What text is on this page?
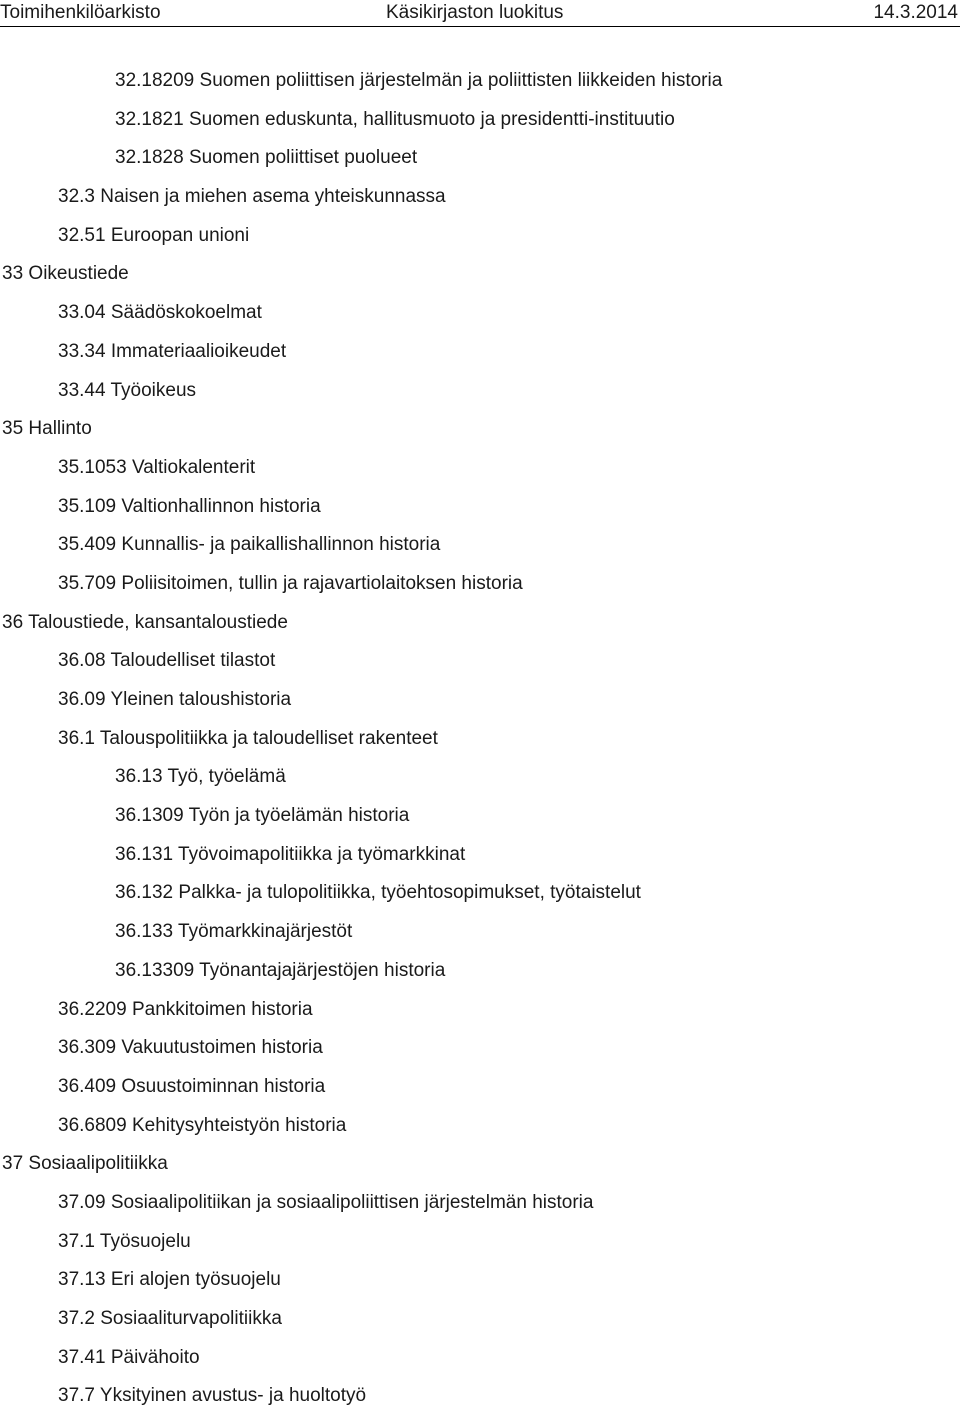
Toimihenkilöarkisto	Käsikirjaston luokitus	14.3.2014
32.18209 Suomen poliittisen järjestelmän ja poliittisten liikkeiden historia
32.1821 Suomen eduskunta, hallitusmuoto ja presidentti-instituutio
32.1828 Suomen poliittiset puolueet
32.3 Naisen ja miehen asema yhteiskunnassa
32.51 Euroopan unioni
33 Oikeustiede
33.04 Säädöskokoelmat
33.34 Immateriaalioikeudet
33.44 Työoikeus
35 Hallinto
35.1053 Valtiokalenterit
35.109 Valtionhallinnon historia
35.409 Kunnallis- ja paikallishallinnon historia
35.709 Poliisitoimen, tullin ja rajavartiolaitoksen historia
36 Taloustiede, kansantaloustiede
36.08 Taloudelliset tilastot
36.09 Yleinen taloushistoria
36.1 Talouspolitiikka ja taloudelliset rakenteet
36.13 Työ, työelämä
36.1309 Työn ja työelämän historia
36.131 Työvoimapolitiikka ja työmarkkinat
36.132 Palkka- ja tulopolitiikka, työehtosopimukset, työtaistelut
36.133 Työmarkkinajärjestöt
36.13309 Työnantajajärjestöjen historia
36.2209 Pankkitoimen historia
36.309 Vakuutustoimen historia
36.409 Osuustoiminnan historia
36.6809 Kehitysyhteistyön historia
37 Sosiaalipolitiikka
37.09 Sosiaalipolitiikan ja sosiaalipoliittisen järjestelmän historia
37.1 Työsuojelu
37.13 Eri alojen työsuojelu
37.2 Sosiaaliturvapolitiikka
37.41 Päivähoito
37.7 Yksityinen avustus- ja huoltotyö
